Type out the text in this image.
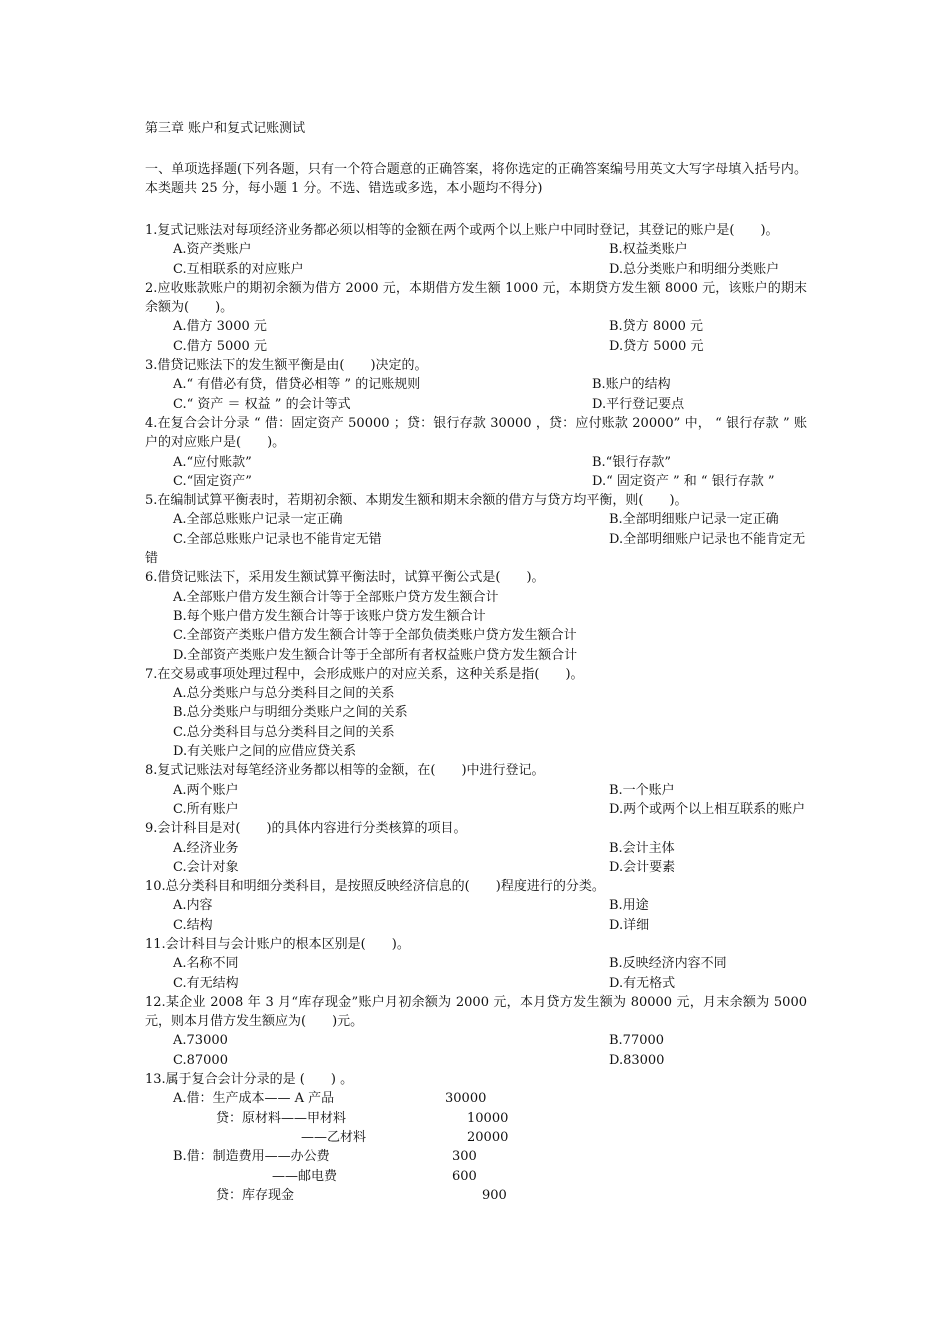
第三章 账户和复式记账测试
一、单项选择题(下列各题，只有一个符合题意的正确答案，将你选定的正确答案编号用英文大写字母填入括号内。本类题共 25 分，每小题 1 分。不选、错选或多选，本小题均不得分)
1.复式记账法对每项经济业务都必须以相等的金额在两个或两个以上账户中同时登记，其登记的账户是(　　)。
A.资产类账户	B.权益类账户
C.互相联系的对应账户	D.总分类账户和明细分类账户
2.应收账款账户的期初余额为借方 2000 元，本期借方发生额 1000 元，本期贷方发生额 8000 元，该账户的期末余额为(　　)。
A.借方 3000 元	B.贷方 8000 元
C.借方 5000 元	D.贷方 5000 元
3.借贷记账法下的发生额平衡是由(　　)决定的。
A.“ 有借必有贷，借贷必相等 ” 的记账规则	B.账户的结构
C.“ 资产 ＝ 权益 ” 的会计等式	D.平行登记要点
4.在复合会计分录 “ 借：固定资产 50000 ；贷：银行存款 30000 ，贷：应付账款 20000” 中， “ 银行存款 ” 账户的对应账户是(　　)。
A.“应付账款”	B.“银行存款”
C.“固定资产”	D.“ 固定资产 ” 和 “ 银行存款 ”
5.在编制试算平衡表时，若期初余额、本期发生额和期末余额的借方与贷方均平衡，则(　　)。
A.全部总账账户记录一定正确	B.全部明细账户记录一定正确
C.全部总账账户记录也不能肯定无错	D.全部明细账户记录也不能肯定无
错
6.借贷记账法下，采用发生额试算平衡法时，试算平衡公式是(　　)。
A.全部账户借方发生额合计等于全部账户贷方发生额合计
B.每个账户借方发生额合计等于该账户贷方发生额合计
C.全部资产类账户借方发生额合计等于全部负债类账户贷方发生额合计
D.全部资产类账户发生额合计等于全部所有者权益账户贷方发生额合计
7.在交易或事项处理过程中，会形成账户的对应关系，这种关系是指(　　)。
A.总分类账户与总分类科目之间的关系
B.总分类账户与明细分类账户之间的关系
C.总分类科目与总分类科目之间的关系
D.有关账户之间的应借应贷关系
8.复式记账法对每笔经济业务都以相等的金额，在(　　)中进行登记。
A.两个账户	B.一个账户
C.所有账户	D.两个或两个以上相互联系的账户
9.会计科目是对(　　)的具体内容进行分类核算的项目。
A.经济业务	B.会计主体
C.会计对象	D.会计要素
10.总分类科目和明细分类科目，是按照反映经济信息的(　　)程度进行的分类。
A.内容	B.用途
C.结构	D.详细
11.会计科目与会计账户的根本区别是(　　)。
A.名称不同	B.反映经济内容不同
C.有无结构	D.有无格式
12.某企业 2008 年 3 月“库存现金”账户月初余额为 2000 元，本月贷方发生额为 80000 元，月末余额为 5000 元，则本月借方发生额应为(　　)元。
A.73000	B.77000
C.87000	D.83000
13.属于复合会计分录的是 (　　) 。
A.借：生产成本—— A 产品	30000
贷：原材料——甲材料	10000
——乙材料	20000
B.借：制造费用——办公费	300
——邮电费	600
贷：库存现金	900
